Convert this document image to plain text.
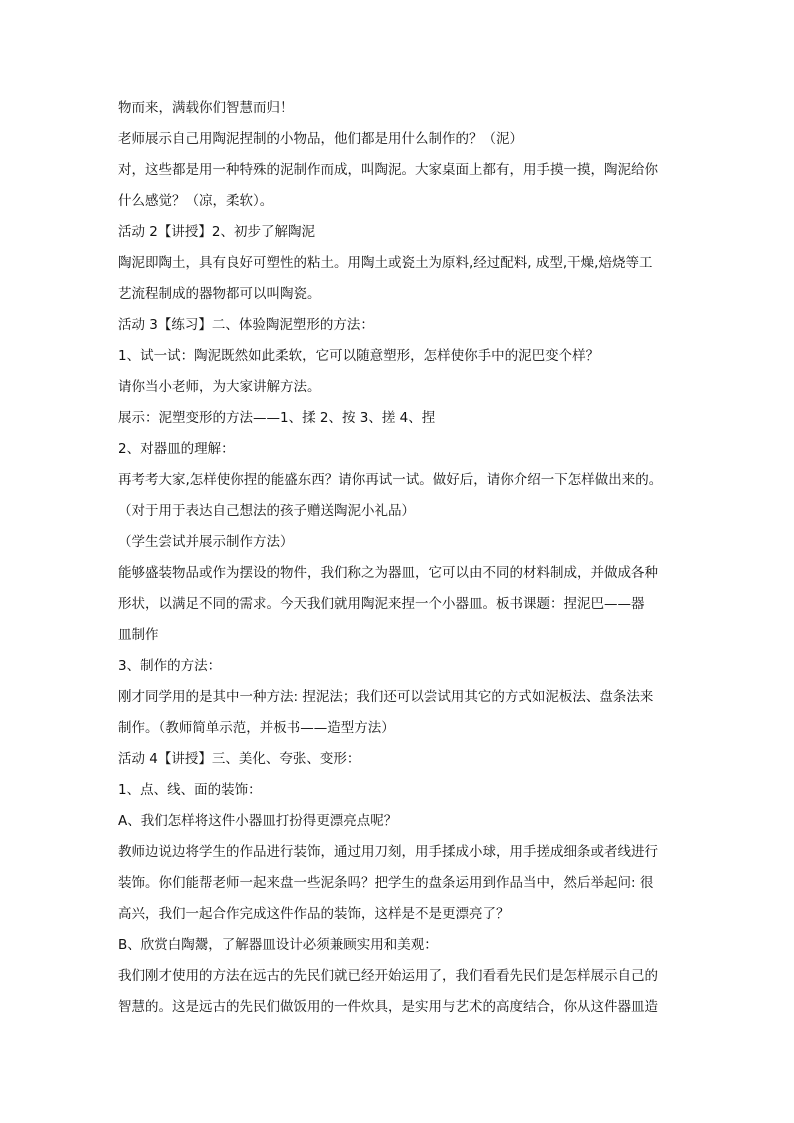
物而来，满载你们智慧而归！
老师展示自己用陶泥捏制的小物品，他们都是用什么制作的？（泥）
对，这些都是用一种特殊的泥制作而成，叫陶泥。大家桌面上都有，用手摸一摸，陶泥给你
什么感觉？（凉，柔软）。
活动 2【讲授】2、初步了解陶泥
陶泥即陶土，具有良好可塑性的粘土。用陶土或瓷土为原料,经过配料, 成型,干燥,焙烧等工
艺流程制成的器物都可以叫陶瓷。
活动 3【练习】二、体验陶泥塑形的方法：
1、试一试：陶泥既然如此柔软，它可以随意塑形，怎样使你手中的泥巴变个样？
请你当小老师，为大家讲解方法。
展示：泥塑变形的方法——1、揉 2、按 3、搓 4、捏
2、对器皿的理解：
再考考大家,怎样使你捏的能盛东西？请你再试一试。做好后，请你介绍一下怎样做出来的。
（对于用于表达自己想法的孩子赠送陶泥小礼品）
（学生尝试并展示制作方法）
能够盛装物品或作为摆设的物件，我们称之为器皿，它可以由不同的材料制成，并做成各种
形状，以满足不同的需求。今天我们就用陶泥来捏一个小器皿。板书课题：捏泥巴——器
皿制作
3、制作的方法：
刚才同学用的是其中一种方法: 捏泥法；我们还可以尝试用其它的方式如泥板法、盘条法来
制作。（教师简单示范，并板书——造型方法）
活动 4【讲授】三、美化、夸张、变形：
1、点、线、面的装饰：
A、我们怎样将这件小器皿打扮得更漂亮点呢？
教师边说边将学生的作品进行装饰，通过用刀刻，用手揉成小球，用手搓成细条或者线进行
装饰。你们能帮老师一起来盘一些泥条吗？把学生的盘条运用到作品当中，然后举起问: 很
高兴，我们一起合作完成这件作品的装饰，这样是不是更漂亮了？
B、欣赏白陶鬶，了解器皿设计必须兼顾实用和美观：
我们刚才使用的方法在远古的先民们就已经开始运用了，我们看看先民们是怎样展示自己的
智慧的。这是远古的先民们做饭用的一件炊具，是实用与艺术的高度结合，你从这件器皿造
